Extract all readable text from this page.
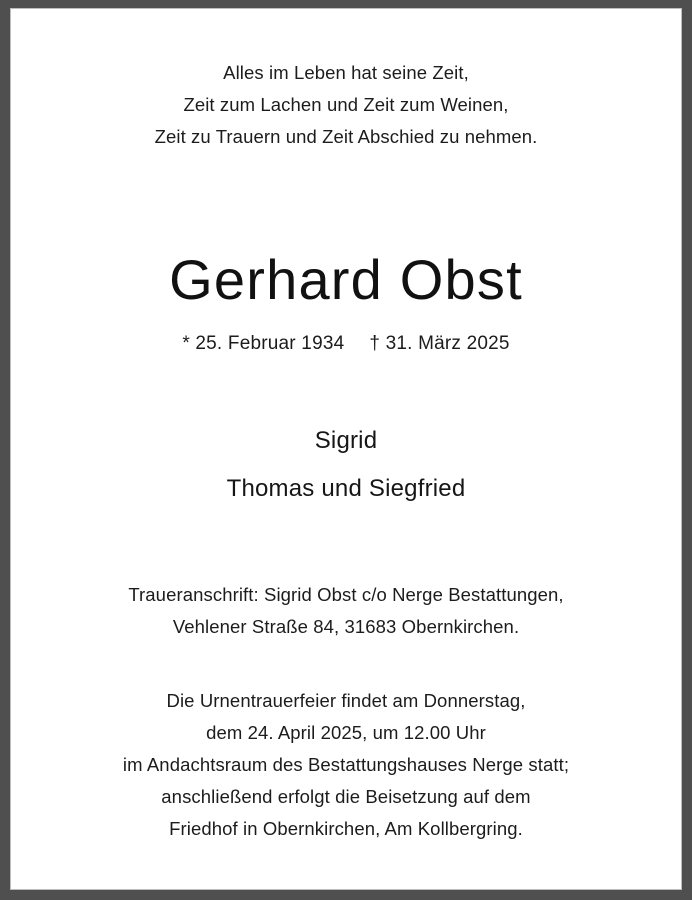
Alles im Leben hat seine Zeit,
Zeit zum Lachen und Zeit zum Weinen,
Zeit zu Trauern und Zeit Abschied zu nehmen.
Gerhard Obst
* 25. Februar 1934 † 31. März 2025
Sigrid
Thomas und Siegfried
Traueranschrift: Sigrid Obst c/o Nerge Bestattungen,
Vehlener Straße 84, 31683 Obernkirchen.
Die Urnentrauerfeier findet am Donnerstag,
dem 24. April 2025, um 12.00 Uhr
im Andachtsraum des Bestattungshauses Nerge statt;
anschließend erfolgt die Beisetzung auf dem
Friedhof in Obernkirchen, Am Kollbergring.
